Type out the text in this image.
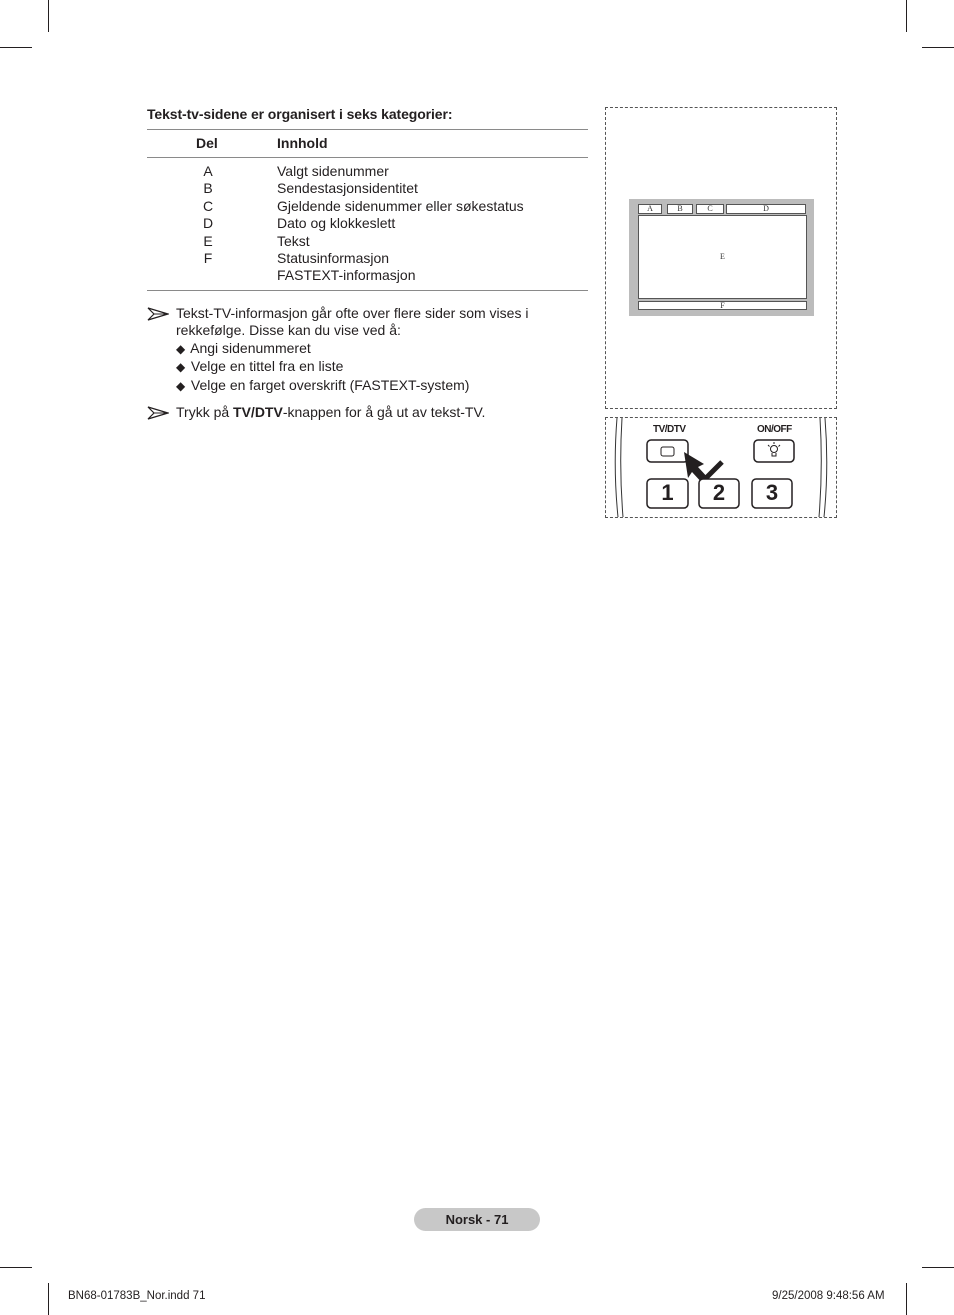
Tekst-tv-sidene er organisert i seks kategorier:
Del	Innhold
A	Valgt sidenummer
B	Sendestasjonsidentitet
C	Gjeldende sidenummer eller søkestatus
D	Dato og klokkeslett
E	Tekst
F	Statusinformasjon
FASTEXT-informasjon
Tekst-TV-informasjon går ofte over flere sider som vises i
rekkefølge. Disse kan du vise ved å:
◆ Angi sidenummeret
◆ Velge en tittel fra en liste
◆ Velge en farget overskrift (FASTEXT-system)
Trykk på TV/DTV-knappen for å gå ut av tekst-TV.
A	B	C	D
E
F
TV/DTV	ON/OFF
1	2	3
Norsk - 71
BN68-01783B_Nor.indd 71	9/25/2008 9:48:56 AM
